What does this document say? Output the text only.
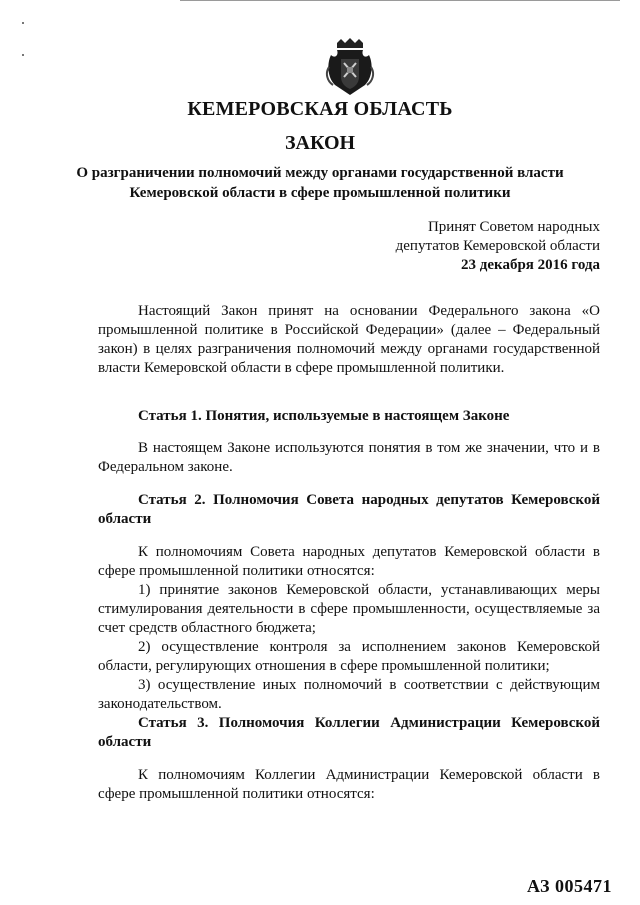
КЕМЕРОВСКАЯ ОБЛАСТЬ
ЗАКОН
О разграничении полномочий между органами государственной власти
Кемеровской области в сфере промышленной политики
Принят Советом народных
депутатов Кемеровской области
23 декабря 2016 года

Настоящий Закон принят на основании Федерального закона «О промышленной политике в Российской Федерации» (далее – Федеральный закон) в целях разграничения полномочий между органами государственной власти Кемеровской области в сфере промышленной политики.

Статья 1. Понятия, используемые в настоящем Законе

В настоящем Законе используются понятия в том же значении, что и в Федеральном законе.

Статья 2. Полномочия Совета народных депутатов Кемеровской области

К полномочиям Совета народных депутатов Кемеровской области в сфере промышленной политики относятся:

1) принятие законов Кемеровской области, устанавливающих меры стимулирования деятельности в сфере промышленности, осуществляемые за счет средств областного бюджета;

2) осуществление контроля за исполнением законов Кемеровской области, регулирующих отношения в сфере промышленной политики;

3) осуществление иных полномочий в соответствии с действующим законодательством.

Статья 3. Полномочия Коллегии Администрации Кемеровской области

К полномочиям Коллегии Администрации Кемеровской области в сфере промышленной политики относятся:

АЗ 005471
